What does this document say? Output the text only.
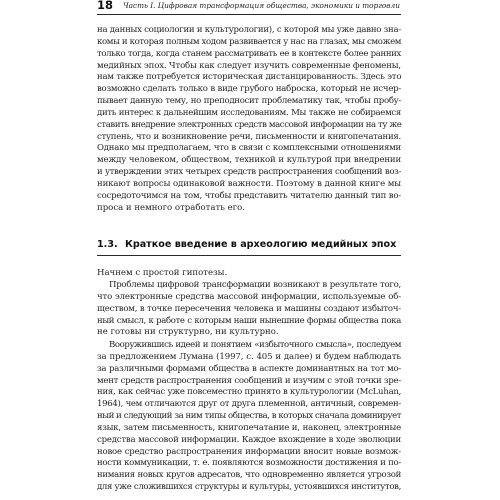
18 Часть I. Цифровая трансформация общества, экономики и торговли
на данных социологии и культурологии), с которой мы уже давно зна-
комы и которая полным ходом развивается у нас на глазах, мы сможем
только тогда, когда станем рассматривать ее в контексте более ранних
медийных эпох. Чтобы как следует изучить современные феномены,
нам также потребуется историческая дистанцированность. Здесь это
возможно сделать только в виде грубого наброска, который не исчер-
пывает данную тему, но преподносит проблематику так, чтобы пробу-
дить интерес к дальнейшим исследованиям. Мы также не собираемся
ставить внедрение электронных средств массовой информации на ту же
ступень, что и возникновение речи, письменности и книгопечатания.
Однако мы предполагаем, что в связи с комплексными отношениями
между человеком, обществом, техникой и культурой при внедрении
и утверждении этих четырех средств распространения сообщений воз-
никают вопросы одинаковой важности. Поэтому в данной книге мы
сосредоточимся на том, чтобы представить читателю данный тип во-
проса и немного отработать его.
1.3. Краткое введение в археологию медийных эпох
Начнем с простой гипотезы.
Проблемы цифровой трансформации возникают в результате того,
что электронные средства массовой информации, используемые об-
ществом, в точке пересечения человека и машины создают избыточ-
ный смысл, к работе с которым наши нынешние формы общества пока
не готовы ни структурно, ни культурно.
Вооружившись идеей и понятием «избыточного смысла», последуем
за предложением Лумана (1997, с. 405 и далее) и будем наблюдать
за различными формами общества в аспекте доминантных на тот мо-
мент средств распространения сообщений и изучим с этой точки зре-
ния, как сейчас уже повсеместно принято в культурологии (McLuhan,
1964), чем отличаются друг от друга племенной, античный, современ-
ный и следующий за ним типы общества, в которых сначала доминирует
язык, затем письменность, книгопечатание и, наконец, электронные
средства массовой информации. Каждое вхождение в ходе эволюции
новое средство распространения информации вносит новые возмож-
ности коммуникации, т. е. появляются возможности достижения и по-
нимания новых кругов адресатов, что одновременно является угрозой
для уже сложившихся структуры и культуры, устоявшихся институтов,
